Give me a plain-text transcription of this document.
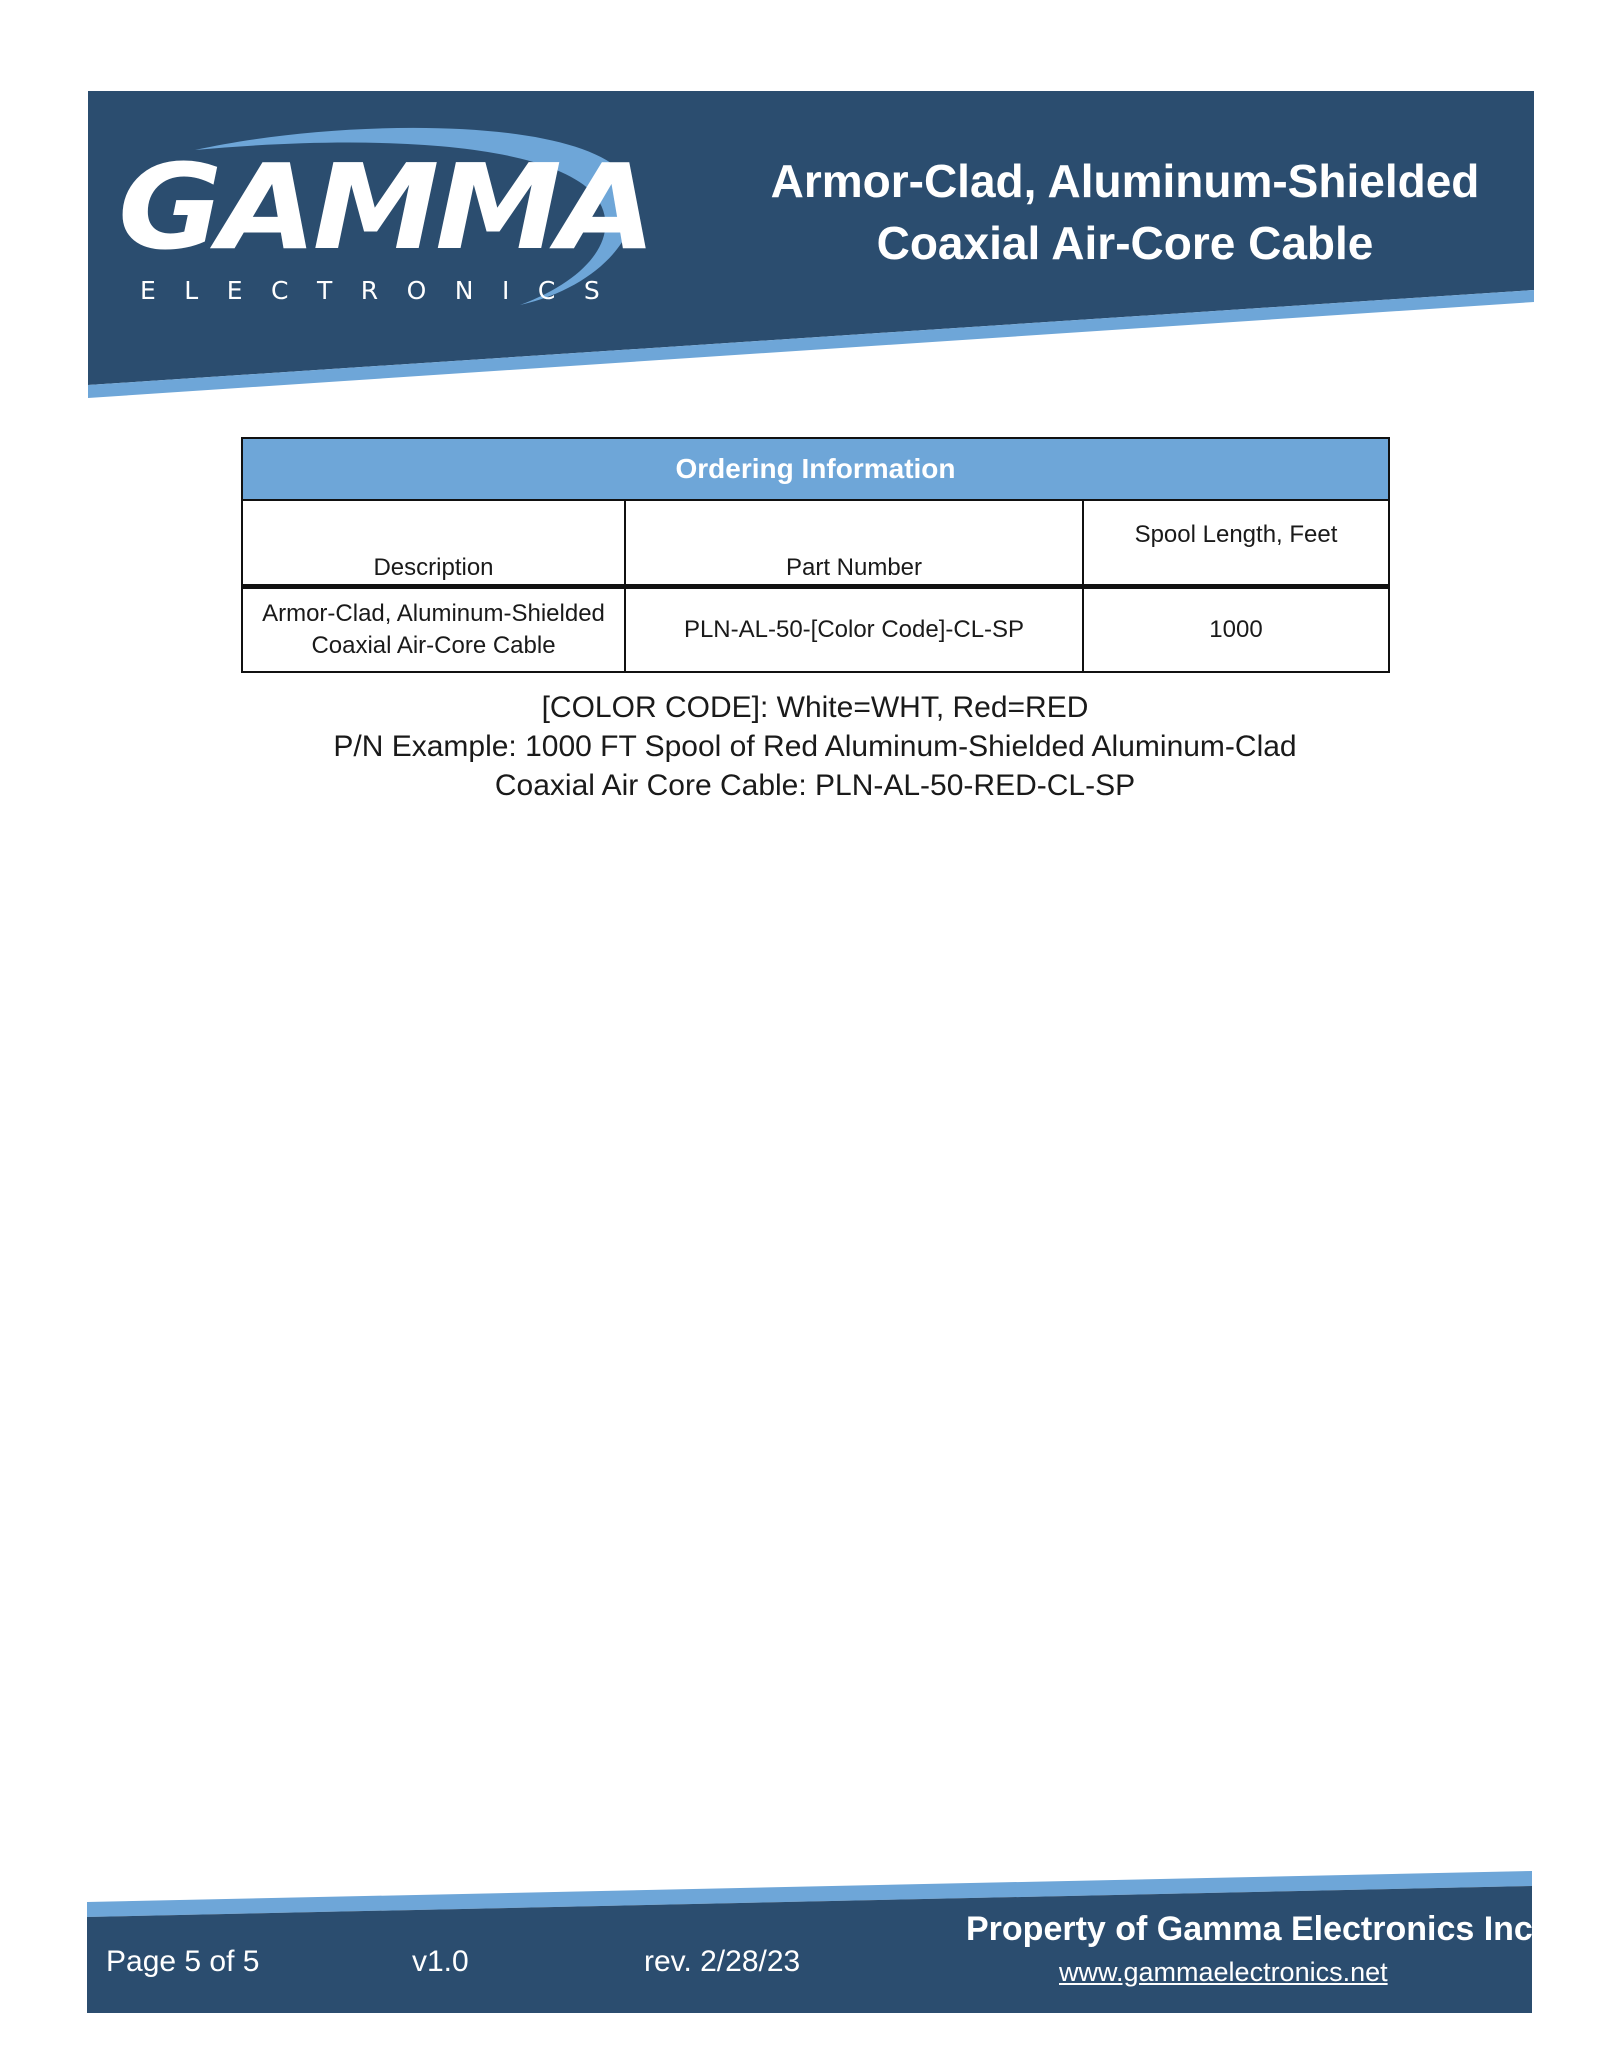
GAMMA
ELECTRONICS
Armor-Clad, Aluminum-Shielded
Coaxial Air-Core Cable
Ordering Information		
Description	Part Number	Spool Length, Feet

Armor-Clad, Aluminum-Shielded
Coaxial Air-Core Cable	PLN-AL-50-[Color Code]-CL-SP	1000

[COLOR CODE]: White=WHT, Red=RED

P/N Example: 1000 FT Spool of Red Aluminum-Shielded Aluminum-Clad

Coaxial Air Core Cable: PLN-AL-50-RED-CL-SP

Page 5 of 5	v1.0	rev. 2/28/23
Property of Gamma Electronics Inc.
www.gammaelectronics.net
